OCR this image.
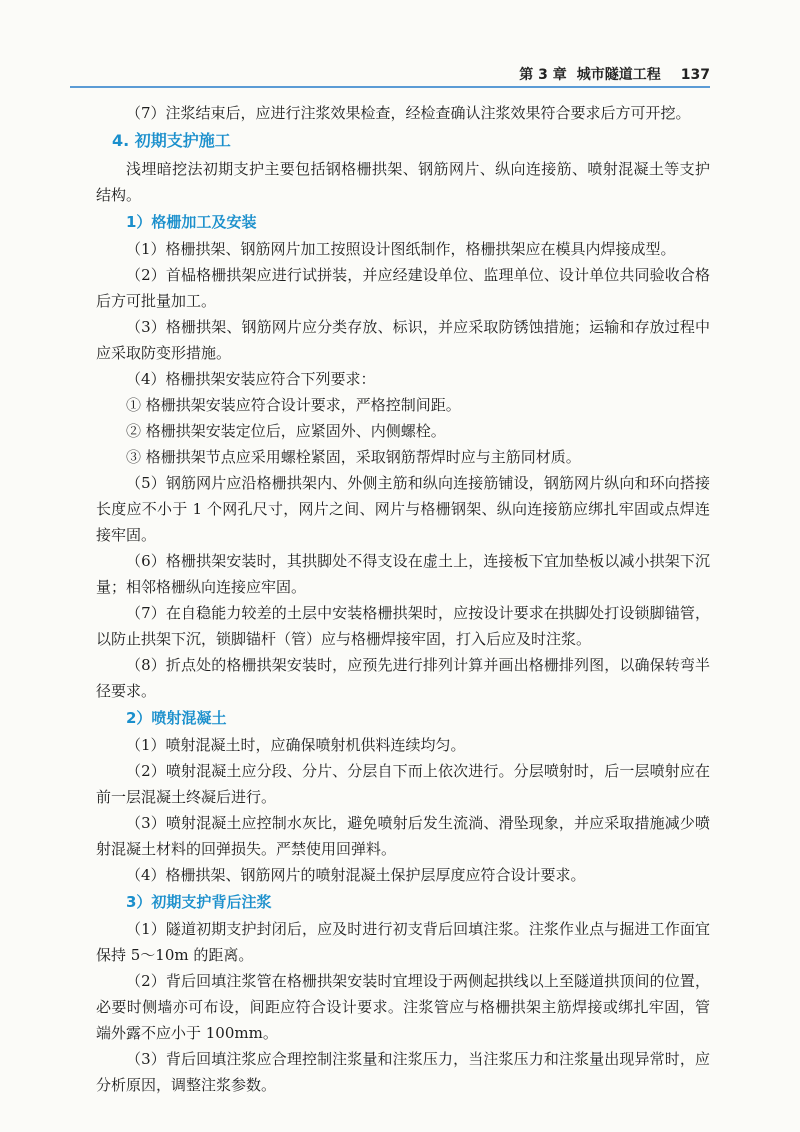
第 3 章 城市隧道工程 137

（7）注浆结束后，应进行注浆效果检查，经检查确认注浆效果符合要求后方可开挖。

4. 初期支护施工

浅埋暗挖法初期支护主要包括钢格栅拱架、钢筋网片、纵向连接筋、喷射混凝土等支护结构。

1）格栅加工及安装

（1）格栅拱架、钢筋网片加工按照设计图纸制作，格栅拱架应在模具内焊接成型。

（2）首榀格栅拱架应进行试拼装，并应经建设单位、监理单位、设计单位共同验收合格后方可批量加工。

（3）格栅拱架、钢筋网片应分类存放、标识，并应采取防锈蚀措施；运输和存放过程中应采取防变形措施。

（4）格栅拱架安装应符合下列要求：

① 格栅拱架安装应符合设计要求，严格控制间距。

② 格栅拱架安装定位后，应紧固外、内侧螺栓。

③ 格栅拱架节点应采用螺栓紧固，采取钢筋帮焊时应与主筋同材质。

（5）钢筋网片应沿格栅拱架内、外侧主筋和纵向连接筋铺设，钢筋网片纵向和环向搭接长度应不小于 1 个网孔尺寸，网片之间、网片与格栅钢架、纵向连接筋应绑扎牢固或点焊连接牢固。

（6）格栅拱架安装时，其拱脚处不得支设在虚土上，连接板下宜加垫板以减小拱架下沉量；相邻格栅纵向连接应牢固。

（7）在自稳能力较差的土层中安装格栅拱架时，应按设计要求在拱脚处打设锁脚锚管，以防止拱架下沉，锁脚锚杆（管）应与格栅焊接牢固，打入后应及时注浆。

（8）折点处的格栅拱架安装时，应预先进行排列计算并画出格栅排列图，以确保转弯半径要求。

2）喷射混凝土

（1）喷射混凝土时，应确保喷射机供料连续均匀。

（2）喷射混凝土应分段、分片、分层自下而上依次进行。分层喷射时，后一层喷射应在前一层混凝土终凝后进行。

（3）喷射混凝土应控制水灰比，避免喷射后发生流淌、滑坠现象，并应采取措施减少喷射混凝土材料的回弹损失。严禁使用回弹料。

（4）格栅拱架、钢筋网片的喷射混凝土保护层厚度应符合设计要求。

3）初期支护背后注浆

（1）隧道初期支护封闭后，应及时进行初支背后回填注浆。注浆作业点与掘进工作面宜保持 5～10m 的距离。

（2）背后回填注浆管在格栅拱架安装时宜埋设于两侧起拱线以上至隧道拱顶间的位置，必要时侧墙亦可布设，间距应符合设计要求。注浆管应与格栅拱架主筋焊接或绑扎牢固，管端外露不应小于 100mm。

（3）背后回填注浆应合理控制注浆量和注浆压力，当注浆压力和注浆量出现异常时，应分析原因，调整注浆参数。
